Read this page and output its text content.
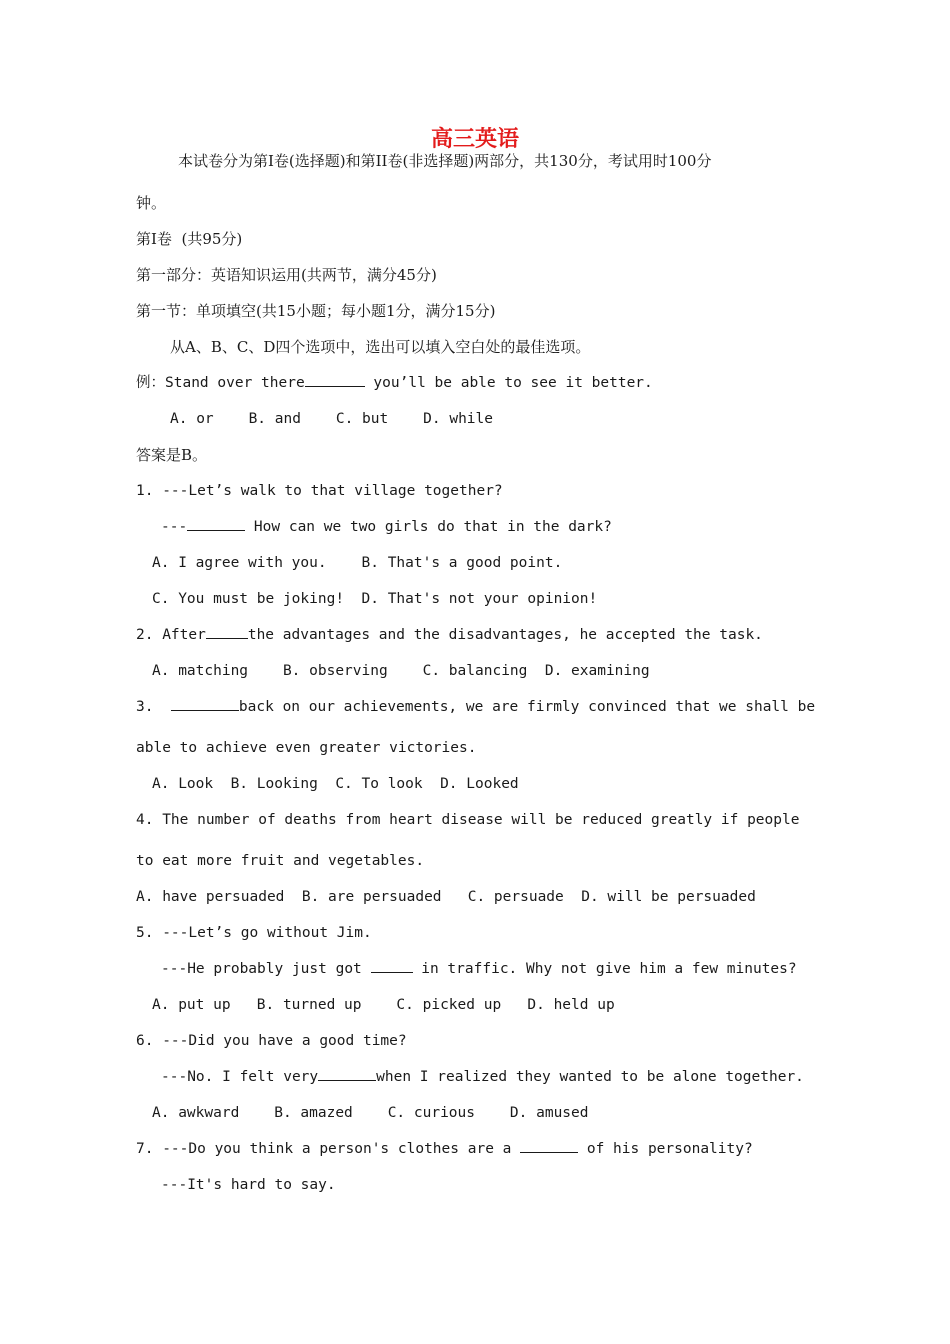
高三英语
本试卷分为第Ⅰ卷(选择题)和第II卷(非选择题)两部分，共130分，考试用时100分
钟。
第Ⅰ卷  (共95分)
第一部分：英语知识运用(共两节，满分45分)
第一节：单项填空(共15小题；每小题1分，满分15分)
从A、B、C、D四个选项中，选出可以填入空白处的最佳选项。
例：Stand over there	you’ll be able to see it better.
A. or    B. and    C. but    D. while
答案是B。
1. ---Let’s walk to that village together?
---	How can we two girls do that in the dark?
A. I agree with you.    B. That's a good point.
C. You must be joking!  D. That's not your opinion!
2. After	the advantages and the disadvantages, he accepted the task.
A. matching    B. observing    C. balancing  D. examining
3.	back on our achievements, we are firmly convinced that we shall be
able to achieve even greater victories.
A. Look  B. Looking  C. To look  D. Looked
4. The number of deaths from heart disease will be reduced greatly if people
to eat more fruit and vegetables.
A. have persuaded  B. are persuaded   C. persuade  D. will be persuaded
5. ---Let’s go without Jim.
---He probably just got	in traffic. Why not give him a few minutes?
A. put up   B. turned up    C. picked up   D. held up
6. ---Did you have a good time?
---No. I felt very	when I realized they wanted to be alone together.
A. awkward    B. amazed    C. curious    D. amused
7. ---Do you think a person's clothes are a	of his personality?
---It's hard to say.
